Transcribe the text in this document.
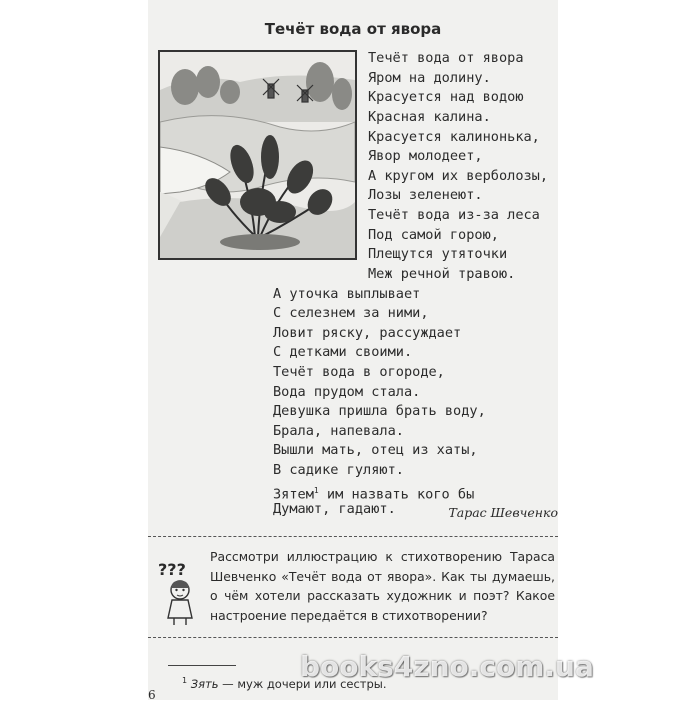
Течёт вода от явора
Течёт вода от явора
Яром на долину.
Красуется над водою
Красная калина.
Красуется калинонька,
Явор молодеет,
А кругом их верболозы,
Лозы зеленеют.
Течёт вода из-за леса
Под самой горою,
Плещутся утяточки
Меж речной травою.
А уточка выплывает
С селезнем за ними,
Ловит ряску, рассуждает
С детками своими.
Течёт вода в огороде,
Вода прудом стала.
Девушка пришла брать воду,
Брала, напевала.
Вышли мать, отец из хаты,
В садике гуляют.
Зятем$^1$ им назвать кого бы
Думают, гадают.	Тарас Шевченко
???
Рассмотри иллюстрацию к стихотворению Тараса Шевченко «Течёт вода от явора». Как ты думаешь, о чём хотели рассказать художник и поэт? Какое настроение передаётся в стихотворении?
$^1$ Зять — муж дочери или сестры.
6
books4zno.com.ua
